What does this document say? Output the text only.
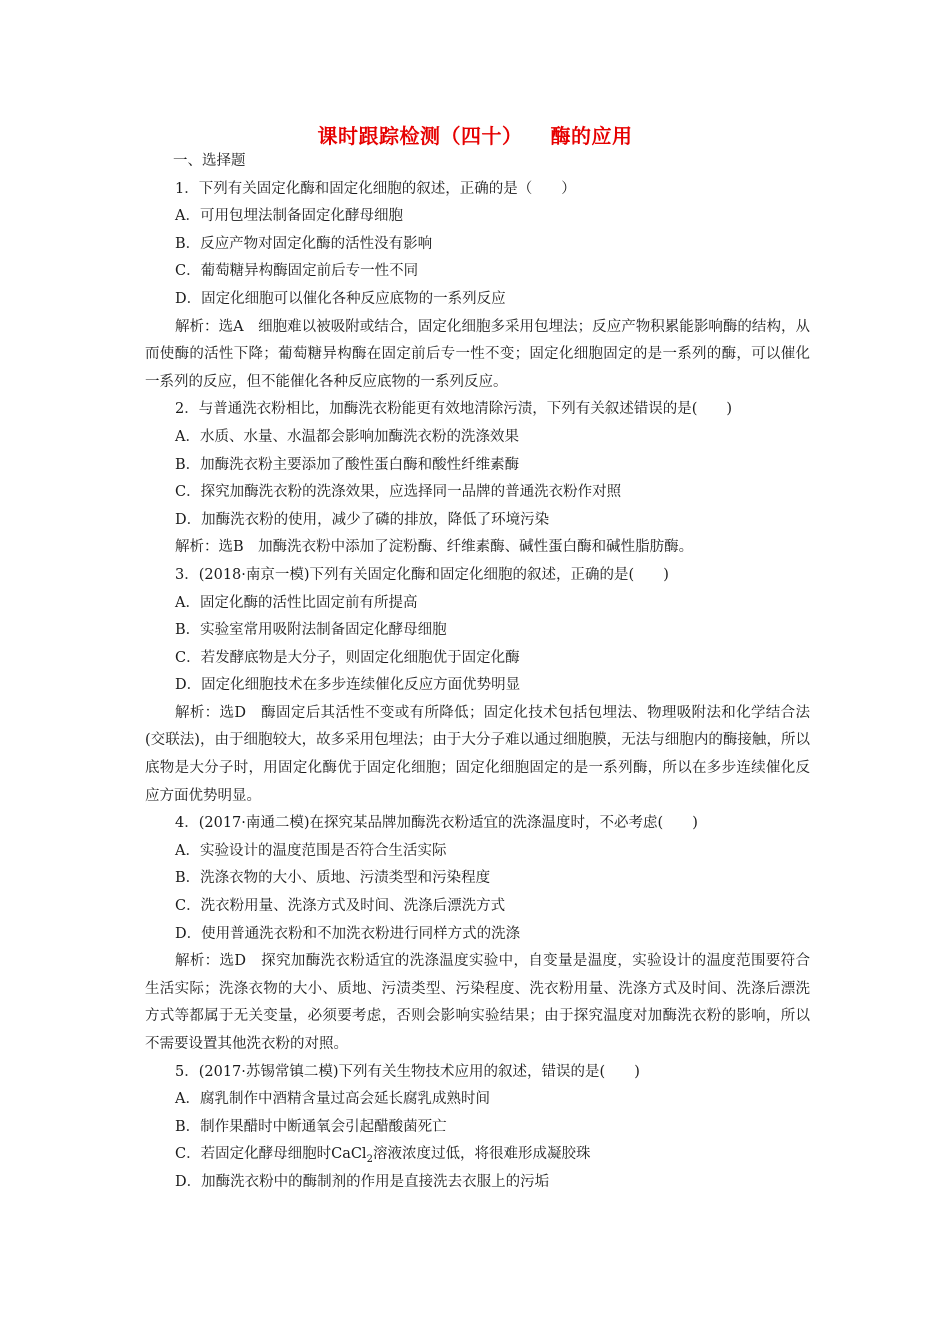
课时跟踪检测（四十） 酶的应用
一、选择题
1．下列有关固定化酶和固定化细胞的叙述，正确的是（　　）
A．可用包埋法制备固定化酵母细胞
B．反应产物对固定化酶的活性没有影响
C．葡萄糖异构酶固定前后专一性不同
D．固定化细胞可以催化各种反应底物的一系列反应
解析：选A　细胞难以被吸附或结合，固定化细胞多采用包埋法；反应产物积累能影响酶的结构，从而使酶的活性下降；葡萄糖异构酶在固定前后专一性不变；固定化细胞固定的是一系列的酶，可以催化一系列的反应，但不能催化各种反应底物的一系列反应。
2．与普通洗衣粉相比，加酶洗衣粉能更有效地清除污渍，下列有关叙述错误的是(　　)
A．水质、水量、水温都会影响加酶洗衣粉的洗涤效果
B．加酶洗衣粉主要添加了酸性蛋白酶和酸性纤维素酶
C．探究加酶洗衣粉的洗涤效果，应选择同一品牌的普通洗衣粉作对照
D．加酶洗衣粉的使用，减少了磷的排放，降低了环境污染
解析：选B　加酶洗衣粉中添加了淀粉酶、纤维素酶、碱性蛋白酶和碱性脂肪酶。
3．(2018·南京一模)下列有关固定化酶和固定化细胞的叙述，正确的是(　　)
A．固定化酶的活性比固定前有所提高
B．实验室常用吸附法制备固定化酵母细胞
C．若发酵底物是大分子，则固定化细胞优于固定化酶
D．固定化细胞技术在多步连续催化反应方面优势明显
解析：选D　酶固定后其活性不变或有所降低；固定化技术包括包埋法、物理吸附法和化学结合法(交联法)，由于细胞较大，故多采用包埋法；由于大分子难以通过细胞膜，无法与细胞内的酶接触，所以底物是大分子时，用固定化酶优于固定化细胞；固定化细胞固定的是一系列酶，所以在多步连续催化反应方面优势明显。
4．(2017·南通二模)在探究某品牌加酶洗衣粉适宜的洗涤温度时，不必考虑(　　)
A．实验设计的温度范围是否符合生活实际
B．洗涤衣物的大小、质地、污渍类型和污染程度
C．洗衣粉用量、洗涤方式及时间、洗涤后漂洗方式
D．使用普通洗衣粉和不加洗衣粉进行同样方式的洗涤
解析：选D　探究加酶洗衣粉适宜的洗涤温度实验中，自变量是温度，实验设计的温度范围要符合生活实际；洗涤衣物的大小、质地、污渍类型、污染程度、洗衣粉用量、洗涤方式及时间、洗涤后漂洗方式等都属于无关变量，必须要考虑，否则会影响实验结果；由于探究温度对加酶洗衣粉的影响，所以不需要设置其他洗衣粉的对照。
5．(2017·苏锡常镇二模)下列有关生物技术应用的叙述，错误的是(　　)
A．腐乳制作中酒精含量过高会延长腐乳成熟时间
B．制作果醋时中断通氧会引起醋酸菌死亡
C．若固定化酵母细胞时CaCl$_2$溶液浓度过低，将很难形成凝胶珠
D．加酶洗衣粉中的酶制剂的作用是直接洗去衣服上的污垢
